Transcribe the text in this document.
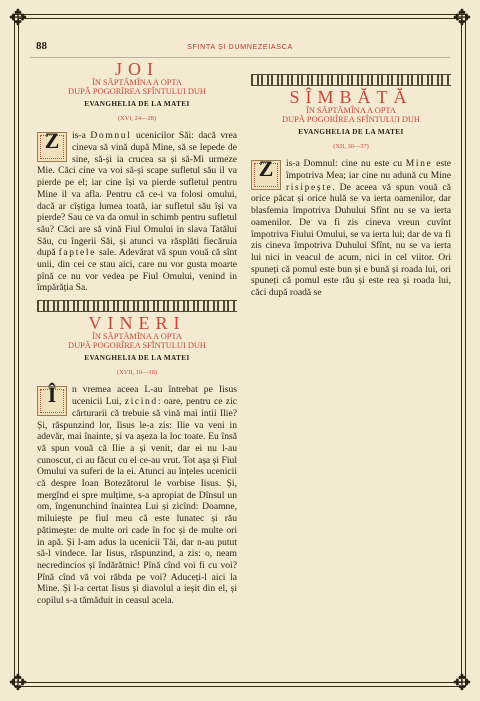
✥	✥
✥	✥
88	SFINTA ȘI DUMNEZEIASCA
JOI
ÎN SĂPTĂMÎNA A OPTA
DUPĂ POGORÎREA SFÎNTULUI DUH
EVANGHELIA DE LA MATEI
(XVI, 24—28)

Z	is-a Domnul ucenicilor Săi: dacă vrea cineva să vină după Mine, să se lepede de sine, să-și ia crucea sa și să-Mi urmeze Mie. Căci cine va voi să-și scape sufletul său il va pierde pe el; iar cine își va pierde sufletul pentru Mine il va afla. Pentru că ce-i va folosi omului, dacă ar cîștiga lumea toată, iar sufletul său își va pierde? Sau ce va da omul in schimb pentru sufletul său? Căci are să vină Fiul Omului in slava Tatălui Său, cu îngerii Săi, și atunci va răsplăti fiecăruia după faptele sale. Adevărat vă spun vouă că sînt unii, din cei ce stau aici, care nu vor gusta moarte pînă ce nu vor vedea pe Fiul Omului, venind in împărăția Sa.

VINERI
ÎN SĂPTĂMÎNA A OPTA
DUPĂ POGORÎREA SFÎNTULUI DUH
EVANGHELIA DE LA MATEI
(XVII, 10—18)

Î	n vremea aceea L-au întrebat pe Iisus ucenicii Lui, zicind: oare, pentru ce zic cărturarii că trebuie să vină mai intii Ilie? Și, răspunzind lor, Iisus le-a zis: Ilie va veni in adevăr, mai înainte, și va așeza la loc toate. Eu însă vă spun vouă că Ilie a și venit, dar ei nu l-au cunoscut, ci au făcut cu el ce-au vrut. Tot așa și Fiul Omului va suferi de la ei. Atunci au înțeles ucenicii că despre Ioan Botezătorul le vorbise Iisus. Și, mergînd ei spre mulțime, s-a apropiat de Dînsul un om, îngenunchind înaintea Lui și zicînd: Doamne, miluiește pe fiul meu că este lunatec și rău pătimește: de multe ori cade în foc și de multe ori in apă. Și l-am adus la ucenicii Tăi, dar n-au putut să-l vindece. Iar Iisus, răspunzind, a zis: o, neam necredincios și îndărătnic! Pînă cînd voi fi cu voi? Pînă cînd vă voi răbda pe voi? Aduceți-l aici la Mine. Și l-a certat Iisus și diavolul a ieșit din el, și copilul s-a tămăduit in ceasul acela.

SÎMBĂTĂ
ÎN SĂPTĂMÎNA A OPTA
DUPĂ POGORÎREA SFÎNTULUI DUH
EVANGHELIA DE LA MATEI
(XII, 30—37)

Z	is-a Domnul: cine nu este cu Mine este împotriva Mea; iar cine nu adună cu Mine risipește. De aceea vă spun vouă că orice păcat și orice hulă se va ierta oamenilor, dar blasfemia împotriva Duhului Sfînt nu se va ierta oamenilor. De va fi zis cineva vreun cuvînt împotriva Fiului Omului, se va ierta lui; dar de va fi zis cineva împotriva Duhului Sfînt, nu se va ierta lui nici in veacul de acum, nici in cel viitor. Ori spuneți că pomul este bun și e bună și roada lui, ori spuneți că pomul este rău și este rea și roada lui, căci după roadă se
